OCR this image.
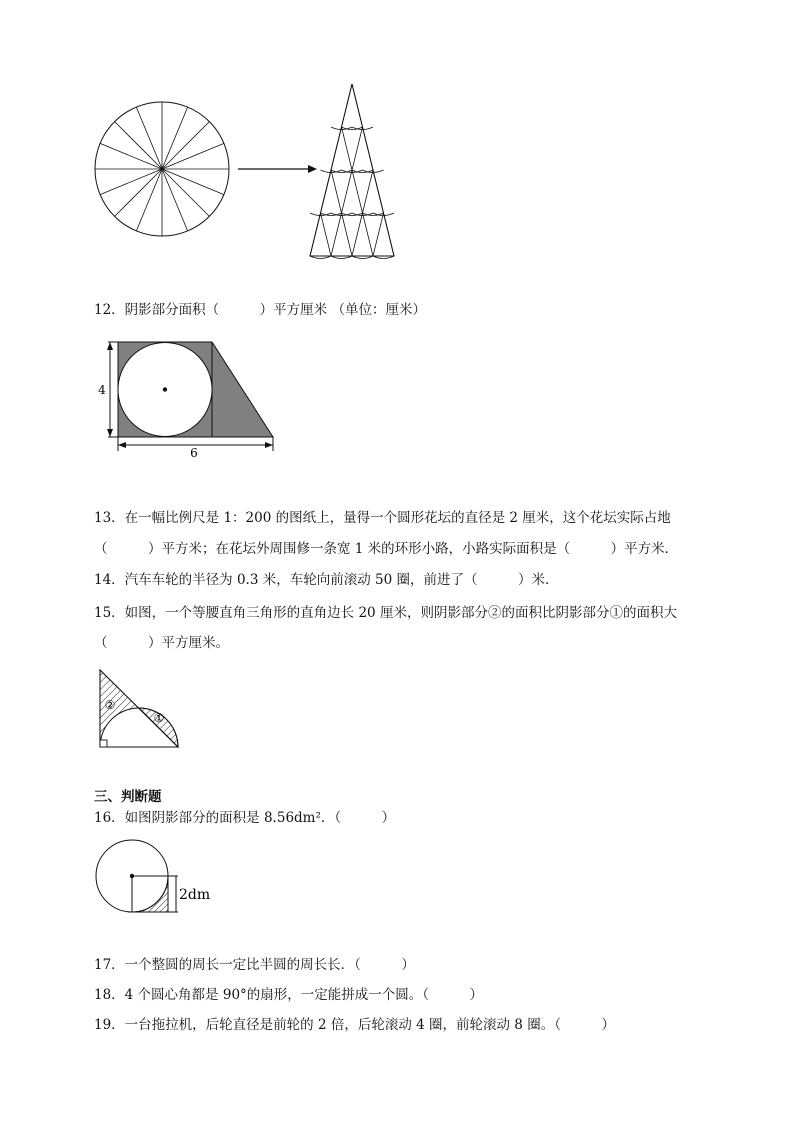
12．阴影部分面积（　　　）平方厘米 （单位：厘米）
4
6
13．在一幅比例尺是 1：200 的图纸上，量得一个圆形花坛的直径是 2 厘米，这个花坛实际占地
（　　　）平方米；在花坛外周围修一条宽 1 米的环形小路，小路实际面积是（　　　）平方米．
14．汽车车轮的半径为 0.3 米，车轮向前滚动 50 圈，前进了（　　　）米．
15．如图，一个等腰直角三角形的直角边长 20 厘米，则阴影部分②的面积比阴影部分①的面积大
（　　　）平方厘米。
②
①
三、判断题
16．如图阴影部分的面积是 8.56dm²．（　　　）
2dm
17．一个整圆的周长一定比半圆的周长长．（　　　）
18．4 个圆心角都是 90°的扇形，一定能拼成一个圆。（　　　）
19．一台拖拉机，后轮直径是前轮的 2 倍，后轮滚动 4 圈，前轮滚动 8 圈。（　　　）
